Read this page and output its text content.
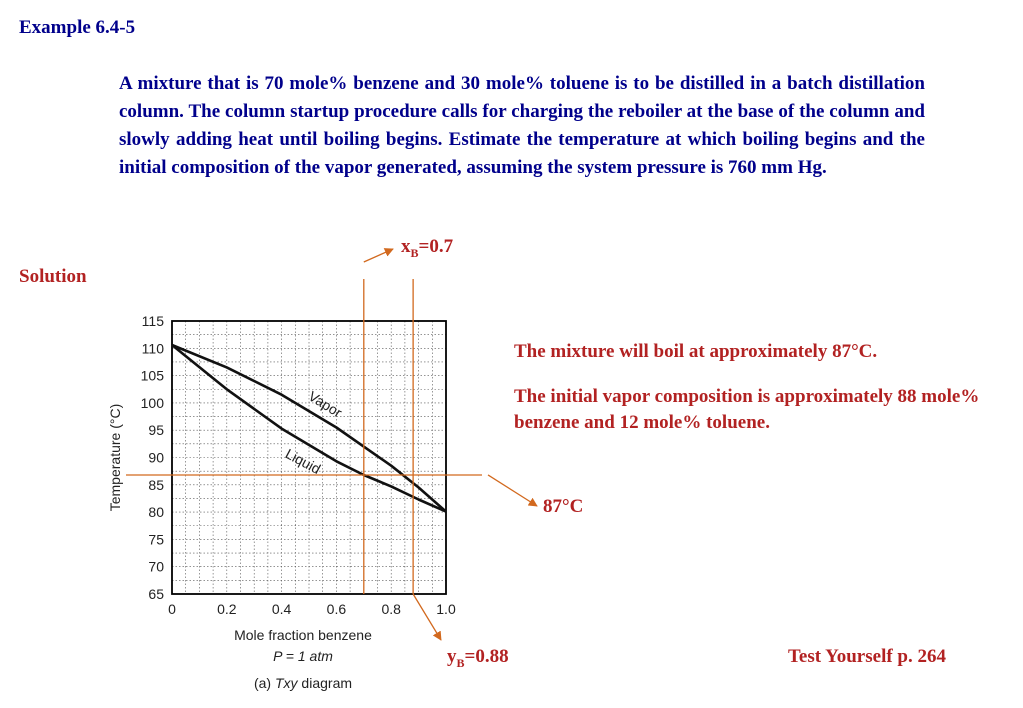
Example 6.4-5
A mixture that is 70 mole% benzene and 30 mole% toluene is to be distilled in a batch distillation column. The column startup procedure calls for charging the reboiler at the base of the column and slowly adding heat until boiling begins. Estimate the temperature at which boiling begins and the initial composition of the vapor generated, assuming the system pressure is 760 mm Hg.
Solution
115
110
105
100
95
90
85
80
75
70
65
0	0.2	0.4	0.6	0.8	1.0
Temperature (°C)
Mole fraction benzene
P = 1 atm
(a) Txy diagram
Vapor
Liquid
The mixture will boil at approximately 87°C.
The initial vapor composition is approximately 88 mole% benzene and 12 mole% toluene.
$x_B=0.7$
87°C
$y_B=0.88$	Test Yourself p. 264
